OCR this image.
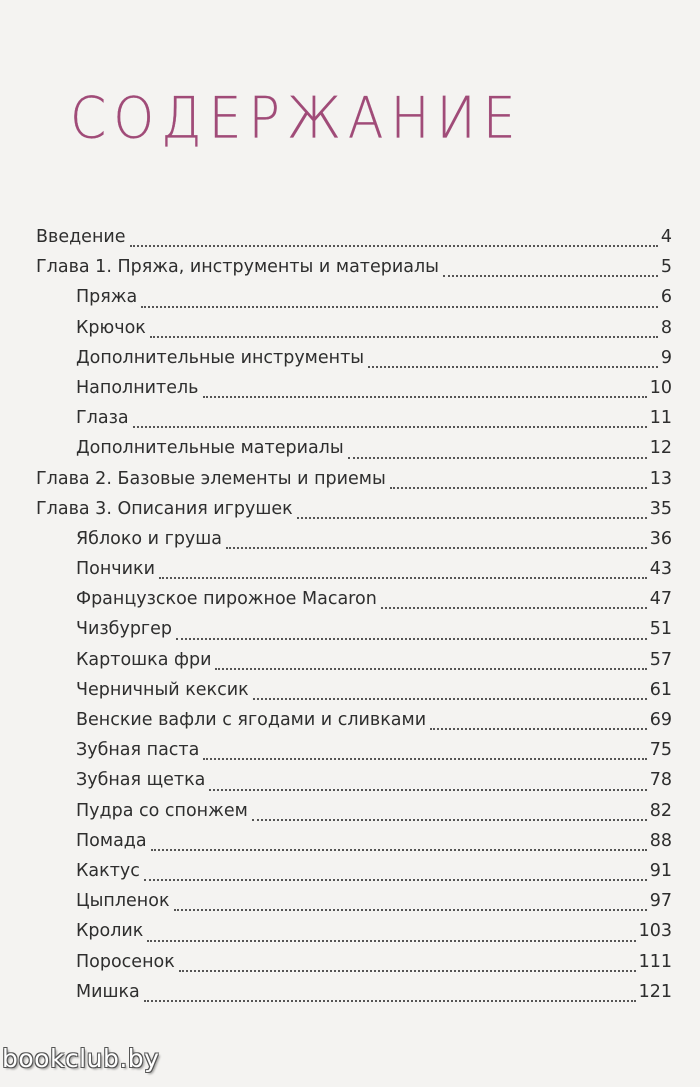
СОДЕРЖАНИЕ
Введение	4
Глава 1. Пряжа, инструменты и материалы	5
Пряжа	6
Крючок	8
Дополнительные инструменты	9
Наполнитель	10
Глаза	11
Дополнительные материалы	12
Глава 2. Базовые элементы и приемы	13
Глава 3. Описания игрушек	35
Яблоко и груша	36
Пончики	43
Французское пирожное Macaron	47
Чизбургер	51
Картошка фри	57
Черничный кексик	61
Венские вафли с ягодами и сливками	69
Зубная паста	75
Зубная щетка	78
Пудра со спонжем	82
Помада	88
Кактус	91
Цыпленок	97
Кролик	103
Поросенок	111
Мишка	121
bookclub.by
